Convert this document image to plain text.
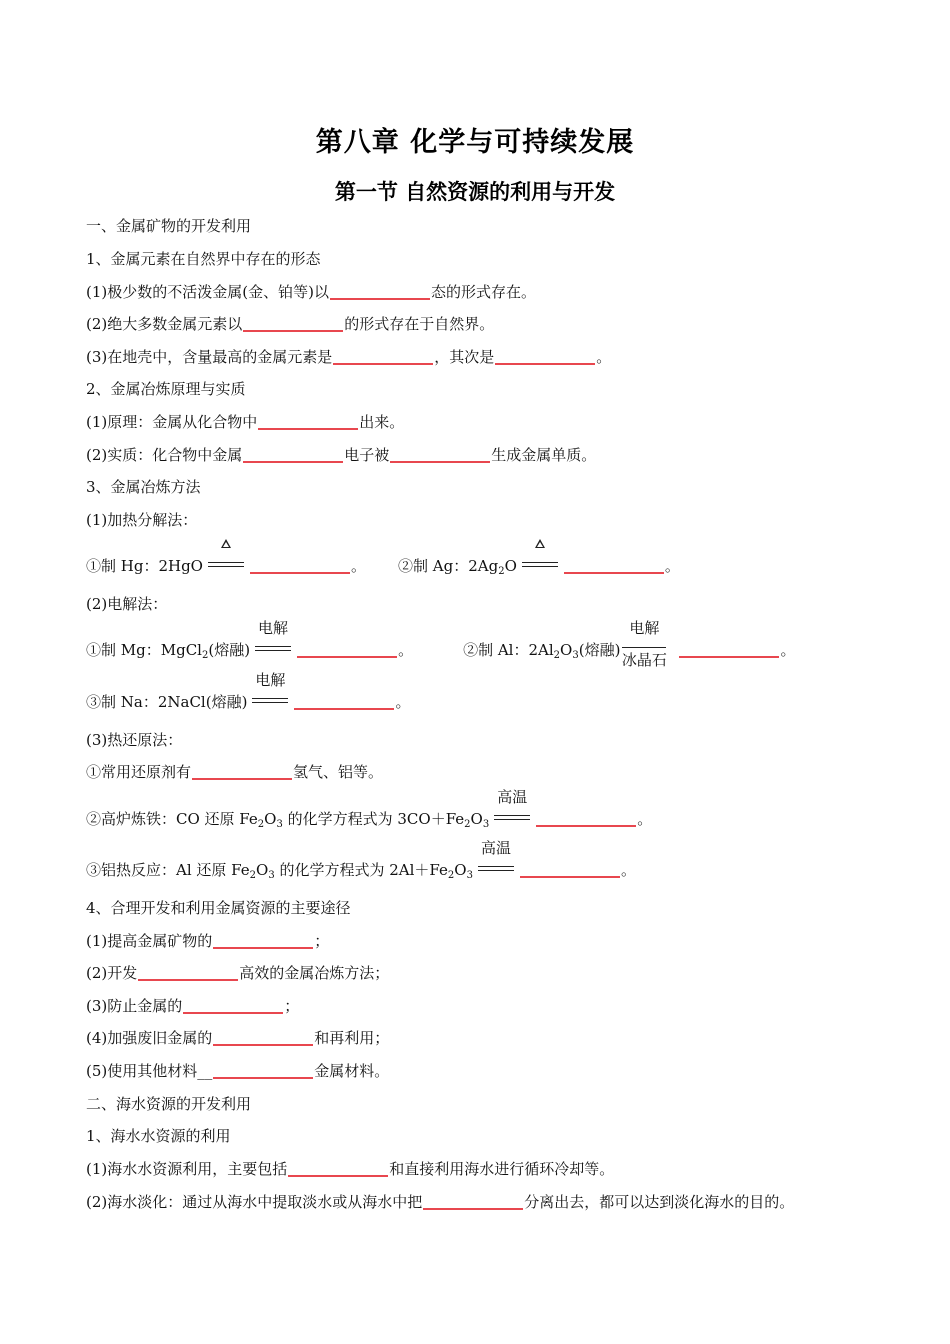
第八章 化学与可持续发展
第一节 自然资源的利用与开发
一、金属矿物的开发利用
1、金属元素在自然界中存在的形态
(1)极少数的不活泼金属(金、铂等)以	态的形式存在。
(2)绝大多数金属元素以	的形式存在于自然界。
(3)在地壳中，含量最高的金属元素是	，其次是	。
2、金属冶炼原理与实质
(1)原理：金属从化合物中	出来。
(2)实质：化合物中金属	电子被	生成金属单质。
3、金属冶炼方法
(1)加热分解法：
①制 Hg：2HgO	。 ②制 Ag：$2Ag_2O$	。
(2)电解法：
①制 Mg：MgCl$_2$(熔融)
电解
。	②制 Al：$2Al_2O_3$(熔融)
电解
冰晶石
。
③制 Na：2NaCl(熔融)
电解
。
(3)热还原法：
①常用还原剂有	氢气、铝等。
②高炉炼铁：CO 还原 $Fe_2O_3$ 的化学方程式为 $3CO+Fe_2O_3$
高温
。
③铝热反应：Al 还原 $Fe_2O_3$ 的化学方程式为 $2Al+Fe_2O_3$
高温
。
4、合理开发和利用金属资源的主要途径
(1)提高金属矿物的	；
(2)开发	高效的金属冶炼方法；
(3)防止金属的	；
(4)加强废旧金属的	和再利用；
(5)使用其他材料__	金属材料。
二、海水资源的开发利用
1、海水水资源的利用
(1)海水水资源利用，主要包括	和直接利用海水进行循环冷却等。
(2)海水淡化：通过从海水中提取淡水或从海水中把	分离出去，都可以达到淡化海水的目的。
